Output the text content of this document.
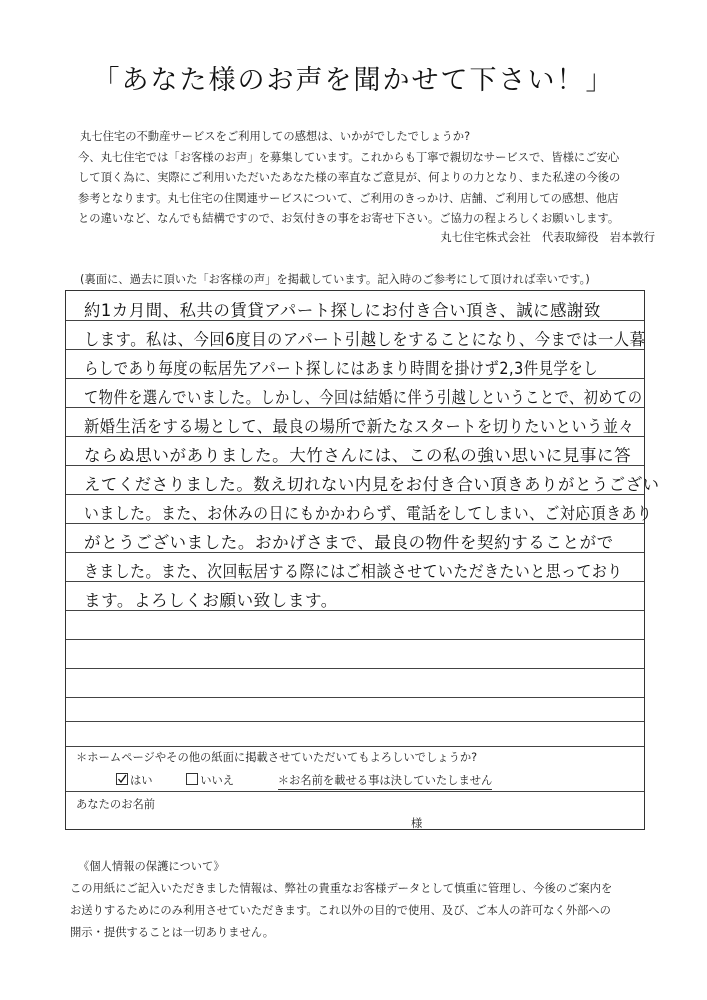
「あなた様のお声を聞かせて下さい！」
丸七住宅の不動産サービスをご利用しての感想は、いかがでしたでしょうか?
今、丸七住宅では「お客様のお声」を募集しています。これからも丁寧で親切なサービスで、皆様にご安心
して頂く為に、実際にご利用いただいたあなた様の率直なご意見が、何よりの力となり、また私達の今後の
参考となります。丸七住宅の住関連サービスについて、ご利用のきっかけ、店舗、ご利用しての感想、他店
との違いなど、なんでも結構ですので、お気付きの事をお寄せ下さい。ご協力の程よろしくお願いします。
丸七住宅株式会社　代表取締役　岩本敦行
(裏面に、過去に頂いた「お客様の声」を掲載しています。記入時のご参考にして頂ければ幸いです。)
約1カ月間、私共の賃貸アパート探しにお付き合い頂き、誠に感謝致
します。私は、今回6度目のアパート引越しをすることになり、今までは一人暮
らしであり毎度の転居先アパート探しにはあまり時間を掛けず2,3件見学をし
て物件を選んでいました。しかし、今回は結婚に伴う引越しということで、初めての
新婚生活をする場として、最良の場所で新たなスタートを切りたいという並々
ならぬ思いがありました。大竹さんには、この私の強い思いに見事に答
えてくださりました。数え切れない内見をお付き合い頂きありがとうござい
いました。また、お休みの日にもかかわらず、電話をしてしまい、ご対応頂きあり
がとうございました。おかげさまで、最良の物件を契約することがで
きました。また、次回転居する際にはご相談させていただきたいと思っており
ます。よろしくお願い致します。
＊ホームページやその他の紙面に掲載させていただいてもよろしいでしょうか?
はい	いいえ	＊お名前を載せる事は決していたしません
あなたのお名前
様
《個人情報の保護について》
この用紙にご記入いただきました情報は、弊社の貴重なお客様データとして慎重に管理し、今後のご案内を
お送りするためにのみ利用させていただきます。これ以外の目的で使用、及び、ご本人の許可なく外部への
開示・提供することは一切ありません。
